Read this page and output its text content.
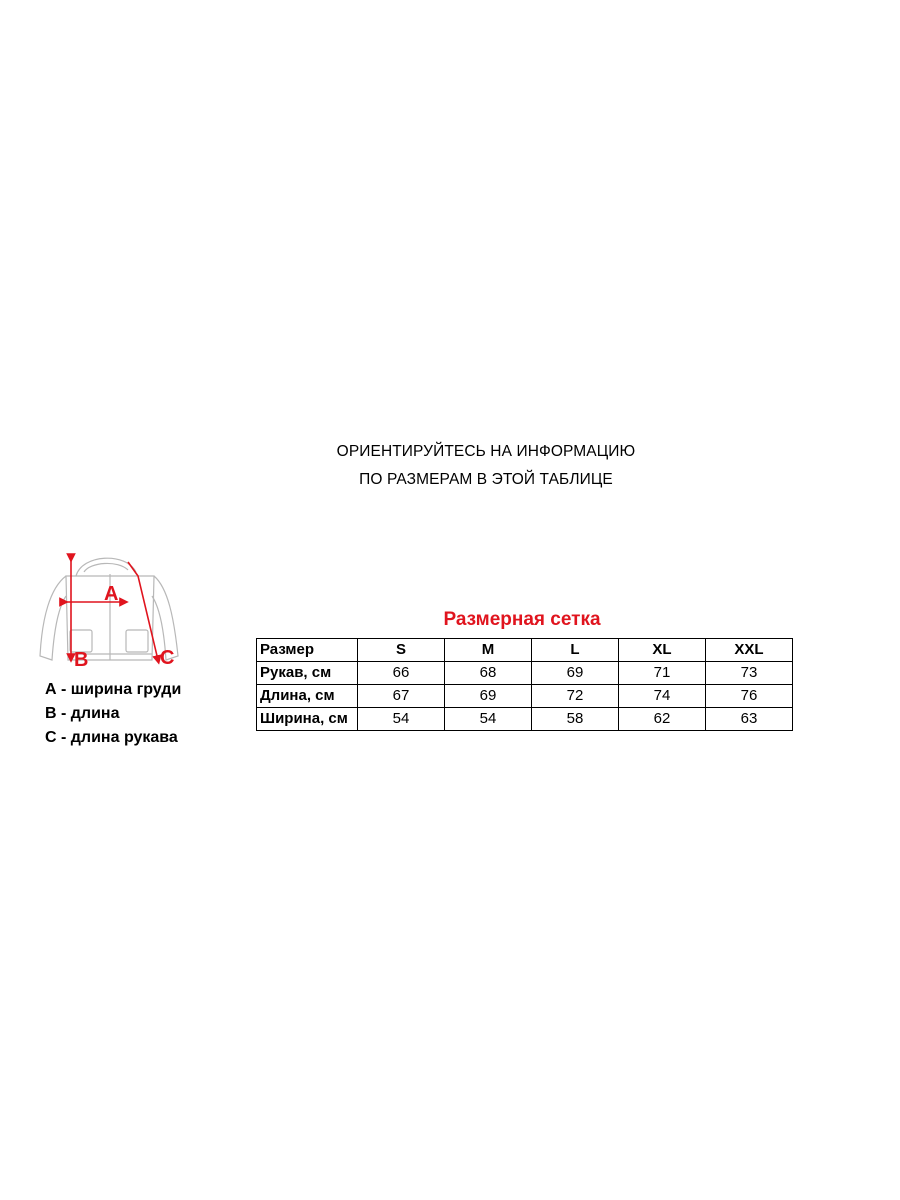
ОРИЕНТИРУЙТЕСЬ НА ИНФОРМАЦИЮ
ПО РАЗМЕРАМ В ЭТОЙ ТАБЛИЦЕ
A
B	C
А - ширина груди
В - длина
С - длина рукава
Размерная сетка
Размер	S	M	L	XL	XXL
Рукав, см	66	68	69	71	73
Длина, см	67	69	72	74	76
Ширина, см	54	54	58	62	63
